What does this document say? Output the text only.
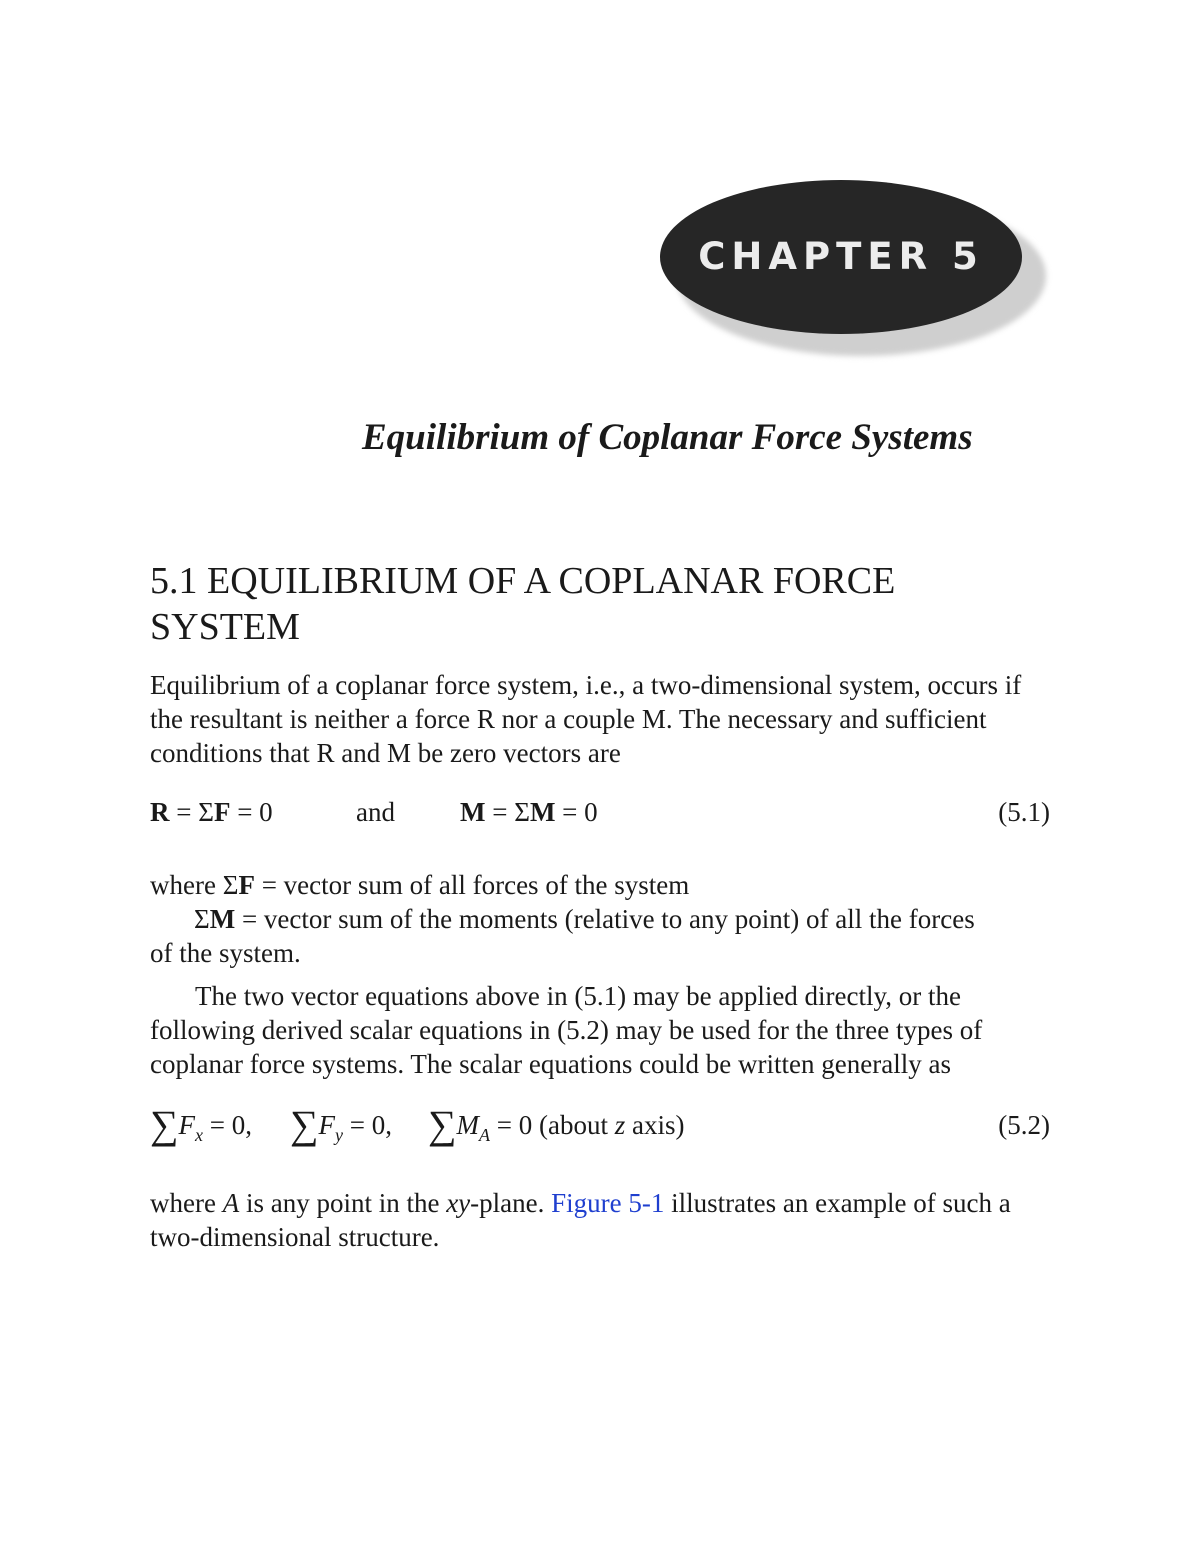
CHAPTER 5
Equilibrium of Coplanar Force Systems
5.1 EQUILIBRIUM OF A COPLANAR FORCE SYSTEM

Equilibrium of a coplanar force system, i.e., a two-dimensional system, occurs if the resultant is neither a force R nor a couple M. The necessary and sufficient conditions that R and M be zero vectors are

R = ΣF = 0	and M = ΣM = 0	(5.1)
where ΣF = vector sum of all forces of the system
ΣM = vector sum of the moments (relative to any point) of all the forces
of the system.

The two vector equations above in (5.1) may be applied directly, or the following derived scalar equations in (5.2) may be used for the three types of coplanar force systems. The scalar equations could be written generally as

$\sum F_x = 0$, $\sum F_y = 0$, $\sum M_A = 0$ (about z axis)	(5.2)

where A is any point in the xy-plane. Figure 5-1 illustrates an example of such a two-dimensional structure.
